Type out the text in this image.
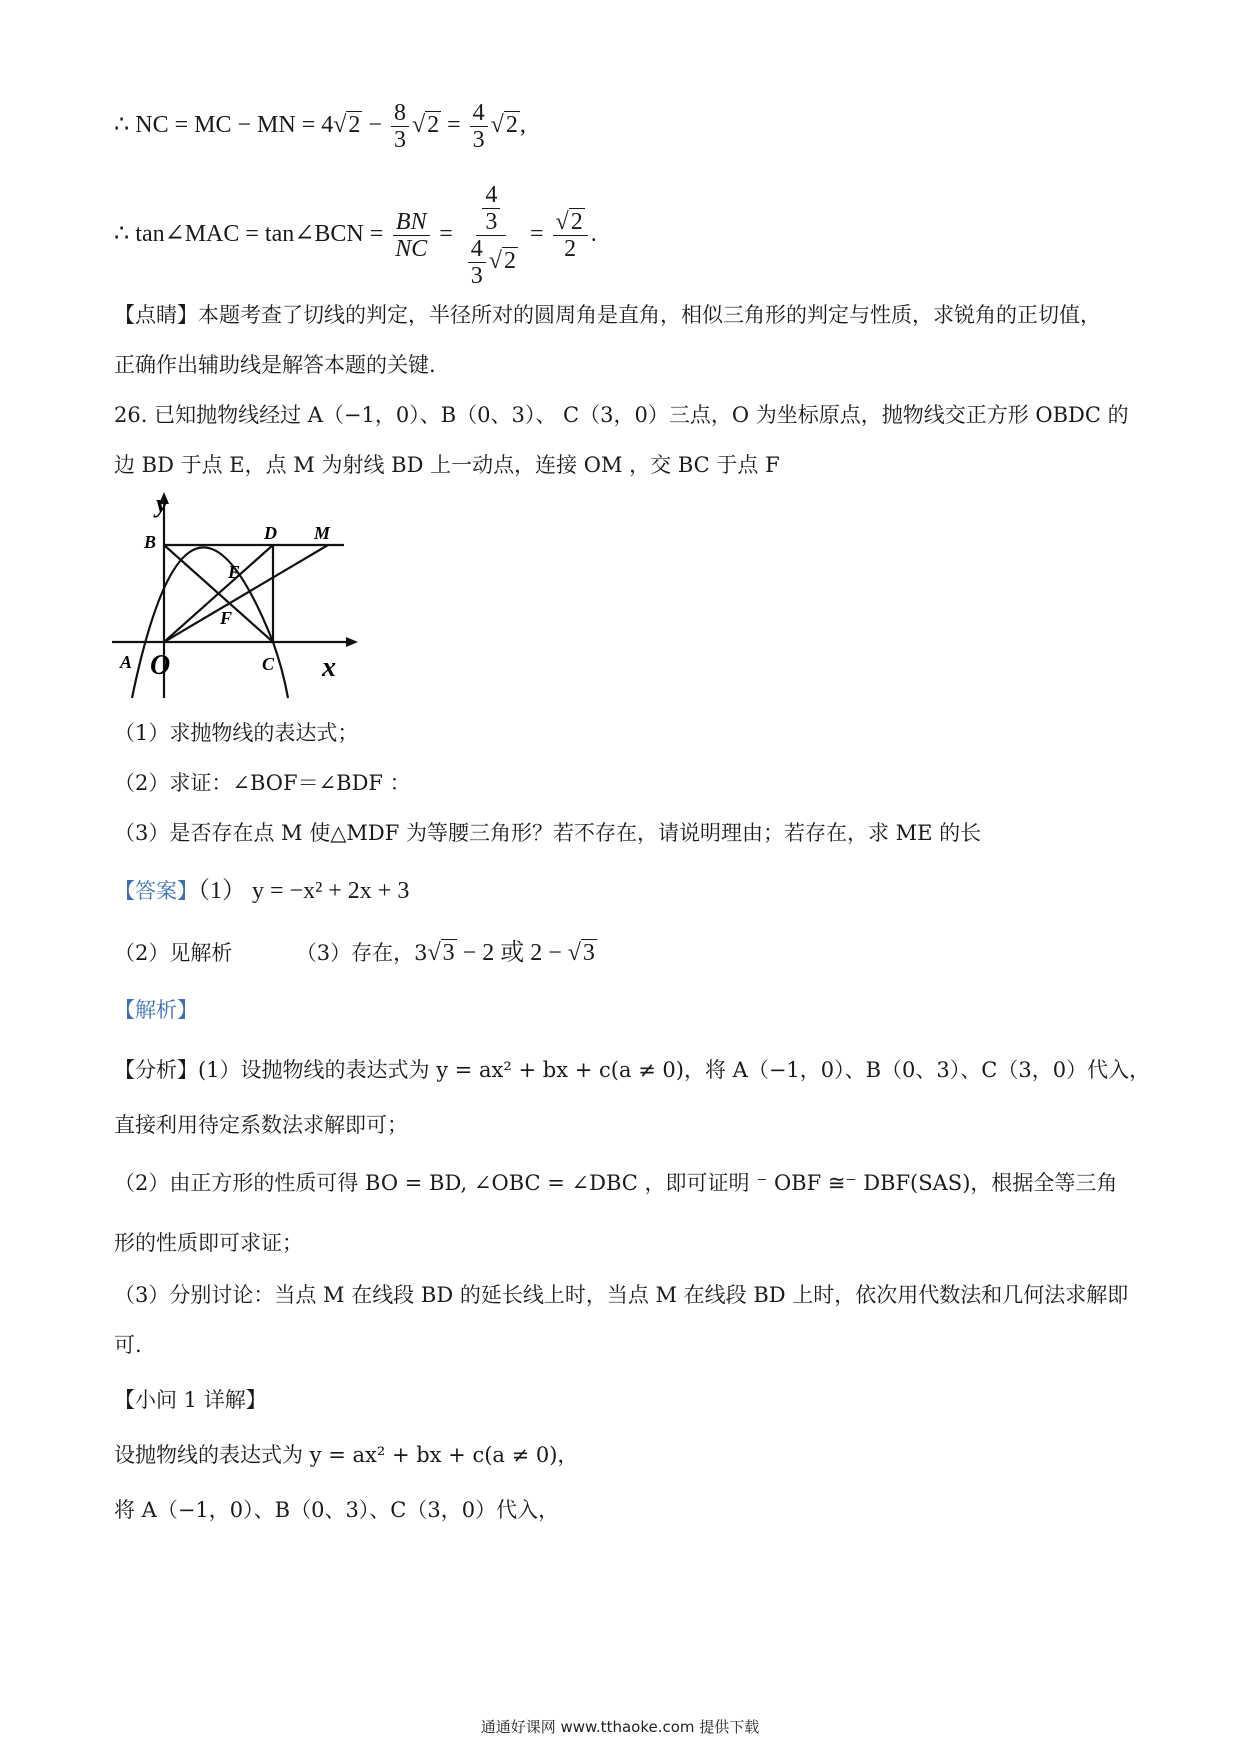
∴ NC = MC − MN = $4√2 - \frac{8}{3} √2 = \frac{4}{3} √2$,
∴ tan∠MAC = tan∠BCN = $\frac{BN}{NC} = \frac{\frac{4}{3}}{\frac{4}{3} √2} = \frac{√2}{2}$ .
【点睛】本题考查了切线的判定，半径所对的圆周角是直角，相似三角形的判定与性质，求锐角的正切值，
正确作出辅助线是解答本题的关键.
26. 已知抛物线经过 A（−1，0）、B（0、3）、 C（3，0）三点，O 为坐标原点，抛物线交正方形 OBDC 的
边 BD 于点 E，点 M 为射线 BD 上一动点，连接 OM ，交 BC 于点 F
y
x
O
A
B
C
D
E
F
M
（1）求抛物线的表达式；
（2）求证：∠BOF＝∠BDF ：
（3）是否存在点 M 使△MDF 为等腰三角形？若不存在，请说明理由；若存在，求 ME 的长
【答案】（1） y = −x² + 2x + 3
（2）见解析	（3）存在，3√3 − 2 或 2 − √3
【解析】
【分析】(1）设抛物线的表达式为 y = ax² + bx + c(a ≠ 0)，将 A（−1，0）、B（0、3）、C（3，0）代入，
直接利用待定系数法求解即可；
（2）由正方形的性质可得 BO = BD, ∠OBC = ∠DBC ，即可证明 ⁻ OBF ≅⁻ DBF(SAS)，根据全等三角
形的性质即可求证；
（3）分别讨论：当点 M 在线段 BD 的延长线上时，当点 M 在线段 BD 上时，依次用代数法和几何法求解即
可.
【小问 1 详解】
设抛物线的表达式为 y = ax² + bx + c(a ≠ 0)，
将 A（−1，0）、B（0、3）、C（3，0）代入，
通通好课网 www.tthaoke.com 提供下载
